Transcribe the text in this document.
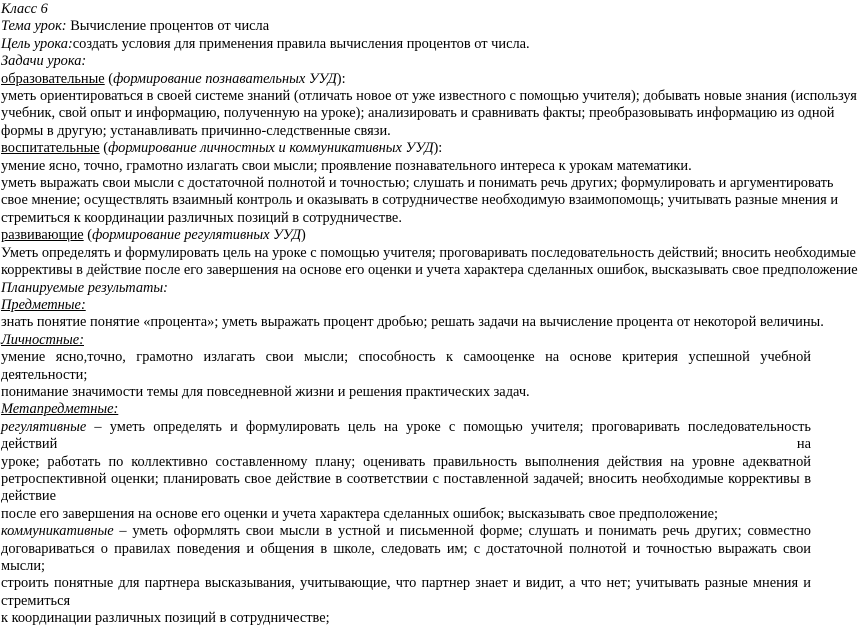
Класс 6
Тема урок: Вычисление процентов от числа
Цель урока:создать условия для применения правила вычисления процентов от числа.
Задачи урока:
образовательные (формирование познавательных УУД):
уметь ориентироваться в своей системе знаний (отличать новое от уже известного с помощью учителя); добывать новые знания (используя
учебник, свой опыт и информацию, полученную на уроке); анализировать и сравнивать факты; преобразовывать информацию из одной
формы в другую; устанавливать причинно-следственные связи.
воспитательные (формирование личностных и коммуникативных УУД):
умение ясно, точно, грамотно излагать свои мысли; проявление познавательного интереса к урокам математики.
уметь выражать свои мысли с достаточной полнотой и точностью; слушать и понимать речь других; формулировать и аргументировать
свое мнение; осуществлять взаимный контроль и оказывать в сотрудничестве необходимую взаимопомощь; учитывать разные мнения и
стремиться к координации различных позиций в сотрудничестве.
развивающие (формирование регулятивных УУД)
Уметь определять и формулировать цель на уроке с помощью учителя; проговаривать последовательность действий; вносить необходимые
коррективы в действие после его завершения на основе его оценки и учета характера сделанных ошибок, высказывать свое предположение
Планируемые результаты:
Предметные:
знать понятие понятие «процента»; уметь выражать процент дробью; решать задачи на вычисление процента от некоторой величины.
Личностные:
умение ясно,точно, грамотно излагать свои мысли; способность к самооценке на основе критерия успешной учебной деятельности;
понимание значимости темы для повседневной жизни и решения практических задач.
Метапредметные:
регулятивные – уметь определять и формулировать цель на уроке с помощью учителя; проговаривать последовательность действий на
уроке; работать по коллективно составленному плану; оценивать правильность выполнения действия на уровне адекватной
ретроспективной оценки; планировать свое действие в соответствии с поставленной задачей; вносить необходимые коррективы в действие
после его завершения на основе его оценки и учета характера сделанных ошибок; высказывать свое предположение;
коммуникативные – уметь оформлять свои мысли в устной и письменной форме; слушать и понимать речь других; совместно
договариваться о правилах поведения и общения в школе, следовать им; с достаточной полнотой и точностью выражать свои мысли;
строить понятные для партнера высказывания, учитывающие, что партнер знает и видит, а что нет; учитывать разные мнения и стремиться
к координации различных позиций в сотрудничестве;
